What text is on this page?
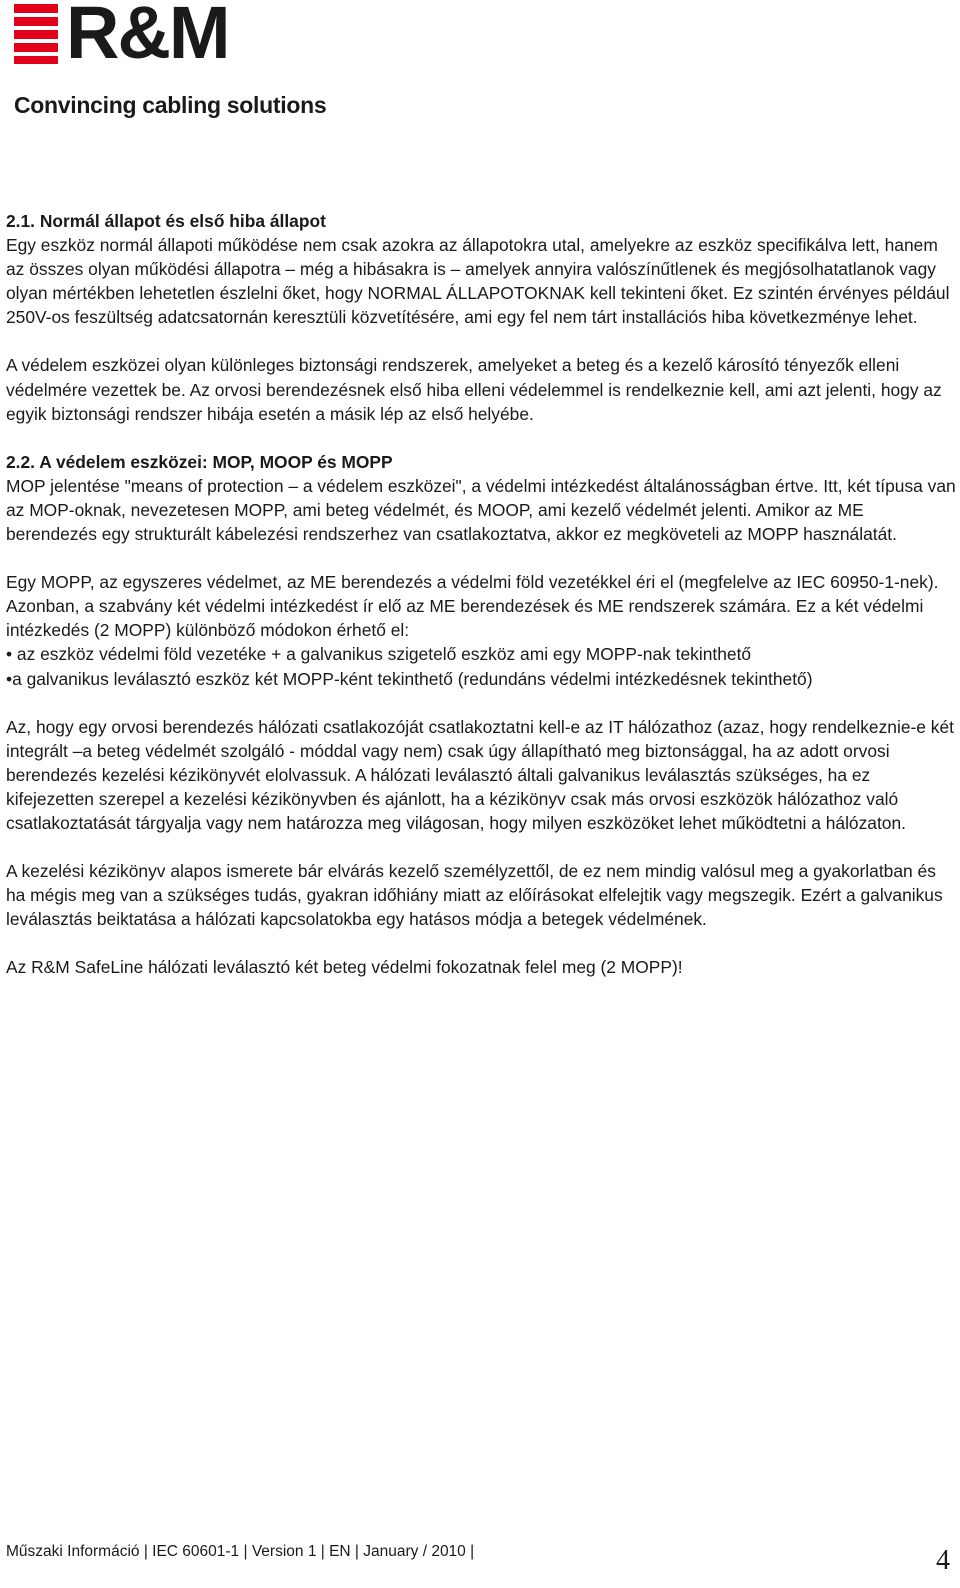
R&M
Convincing cabling solutions
2.1. Normál állapot és első hiba állapot

Egy eszköz normál állapoti működése nem csak azokra az állapotokra utal, amelyekre az eszköz specifikálva lett, hanem az összes olyan működési állapotra – még a hibásakra is – amelyek annyira valószínűtlenek és megjósolhatatlanok vagy olyan mértékben lehetetlen észlelni őket, hogy NORMAL ÁLLAPOTOKNAK kell tekinteni őket. Ez szintén érvényes például 250V-os feszültség adatcsatornán keresztüli közvetítésére, ami egy fel nem tárt installációs hiba következménye lehet.

A védelem eszközei olyan különleges biztonsági rendszerek, amelyeket a beteg és a kezelő károsító tényezők elleni védelmére vezettek be. Az orvosi berendezésnek első hiba elleni védelemmel is rendelkeznie kell, ami azt jelenti, hogy az egyik biztonsági rendszer hibája esetén a másik lép az első helyébe.

2.2. A védelem eszközei: MOP, MOOP és MOPP

MOP jelentése "means of protection – a védelem eszközei", a védelmi intézkedést általánosságban értve. Itt, két típusa van az MOP-oknak, nevezetesen MOPP, ami beteg védelmét, és MOOP, ami kezelő védelmét jelenti. Amikor az ME berendezés egy strukturált kábelezési rendszerhez van csatlakoztatva, akkor ez megköveteli az MOPP használatát.

Egy MOPP, az egyszeres védelmet, az ME berendezés a védelmi föld vezetékkel éri el (megfelelve az IEC 60950-1-nek). Azonban, a szabvány két védelmi intézkedést ír elő az ME berendezések és ME rendszerek számára. Ez a két védelmi intézkedés (2 MOPP) különböző módokon érhető el:

• az eszköz védelmi föld vezetéke + a galvanikus szigetelő eszköz ami egy MOPP-nak tekinthető

•a galvanikus leválasztó eszköz két MOPP-ként tekinthető (redundáns védelmi intézkedésnek tekinthető)

Az, hogy egy orvosi berendezés hálózati csatlakozóját csatlakoztatni kell-e az IT hálózathoz (azaz, hogy rendelkeznie-e két integrált –a beteg védelmét szolgáló - móddal vagy nem) csak úgy állapítható meg biztonsággal, ha az adott orvosi berendezés kezelési kézikönyvét elolvassuk. A hálózati leválasztó általi galvanikus leválasztás szükséges, ha ez kifejezetten szerepel a kezelési kézikönyvben és ajánlott, ha a kézikönyv csak más orvosi eszközök hálózathoz való csatlakoztatását tárgyalja vagy nem határozza meg világosan, hogy milyen eszközöket lehet működtetni a hálózaton.

A kezelési kézikönyv alapos ismerete bár elvárás kezelő személyzettől, de ez nem mindig valósul meg a gyakorlatban és ha mégis meg van a szükséges tudás, gyakran időhiány miatt az előírásokat elfelejtik vagy megszegik. Ezért a galvanikus leválasztás beiktatása a hálózati kapcsolatokba egy hatásos módja a betegek védelmének.

Az R&M SafeLine hálózati leválasztó két beteg védelmi fokozatnak felel meg (2 MOPP)!

Műszaki Információ | IEC 60601-1 | Version 1 | EN | January / 2010 |	4
